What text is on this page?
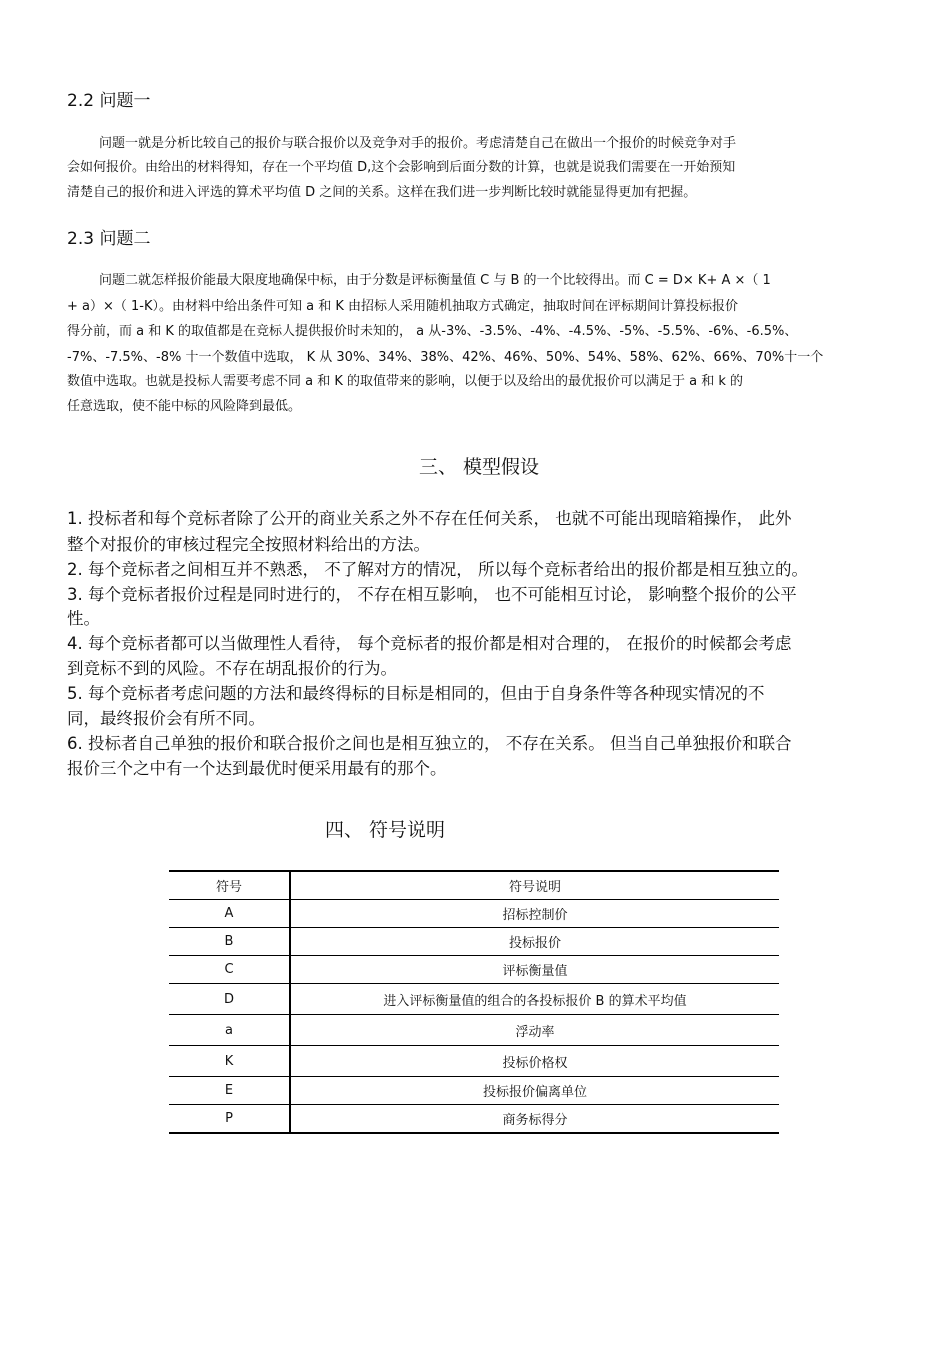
2.2 问题一
问题一就是分析比较自己的报价与联合报价以及竞争对手的报价。考虑清楚自己在做出一个报价的时候竞争对手
会如何报价。由给出的材料得知，存在一个平均值 D,这个会影响到后面分数的计算，也就是说我们需要在一开始预知
清楚自己的报价和进入评选的算术平均值 D 之间的关系。这样在我们进一步判断比较时就能显得更加有把握。
2.3 问题二
问题二就怎样报价能最大限度地确保中标，由于分数是评标衡量值 C 与 B 的一个比较得出。而 C = D× K+ A ×（ 1
+ a）×（ 1-K）。由材料中给出条件可知 a 和 K 由招标人采用随机抽取方式确定，抽取时间在评标期间计算投标报价
得分前，而 a 和 K 的取值都是在竞标人提供报价时未知的， a 从-3%、-3.5%、-4%、-4.5%、-5%、-5.5%、-6%、-6.5%、
-7%、-7.5%、-8% 十一个数值中选取， K 从 30%、34%、38%、42%、46%、50%、54%、58%、62%、66%、70%十一个
数值中选取。也就是投标人需要考虑不同 a 和 K 的取值带来的影响，以便于以及给出的最优报价可以满足于 a 和 k 的
任意选取，使不能中标的风险降到最低。
三、 模型假设
1. 投标者和每个竞标者除了公开的商业关系之外不存在任何关系， 也就不可能出现暗箱操作， 此外
整个对报价的审核过程完全按照材料给出的方法。
2. 每个竞标者之间相互并不熟悉， 不了解对方的情况， 所以每个竞标者给出的报价都是相互独立的。
3. 每个竞标者报价过程是同时进行的， 不存在相互影响， 也不可能相互讨论， 影响整个报价的公平
性。
4. 每个竞标者都可以当做理性人看待， 每个竞标者的报价都是相对合理的， 在报价的时候都会考虑
到竞标不到的风险。不存在胡乱报价的行为。
5. 每个竞标者考虑问题的方法和最终得标的目标是相同的，但由于自身条件等各种现实情况的不
同，最终报价会有所不同。
6. 投标者自己单独的报价和联合报价之间也是相互独立的， 不存在关系。 但当自己单独报价和联合
报价三个之中有一个达到最优时便采用最有的那个。
四、 符号说明
符号	符号说明
A	招标控制价
B	投标报价
C	评标衡量值
D	进入评标衡量值的组合的各投标报价 B 的算术平均值
a	浮动率
K	投标价格权
E	投标报价偏离单位
P	商务标得分
